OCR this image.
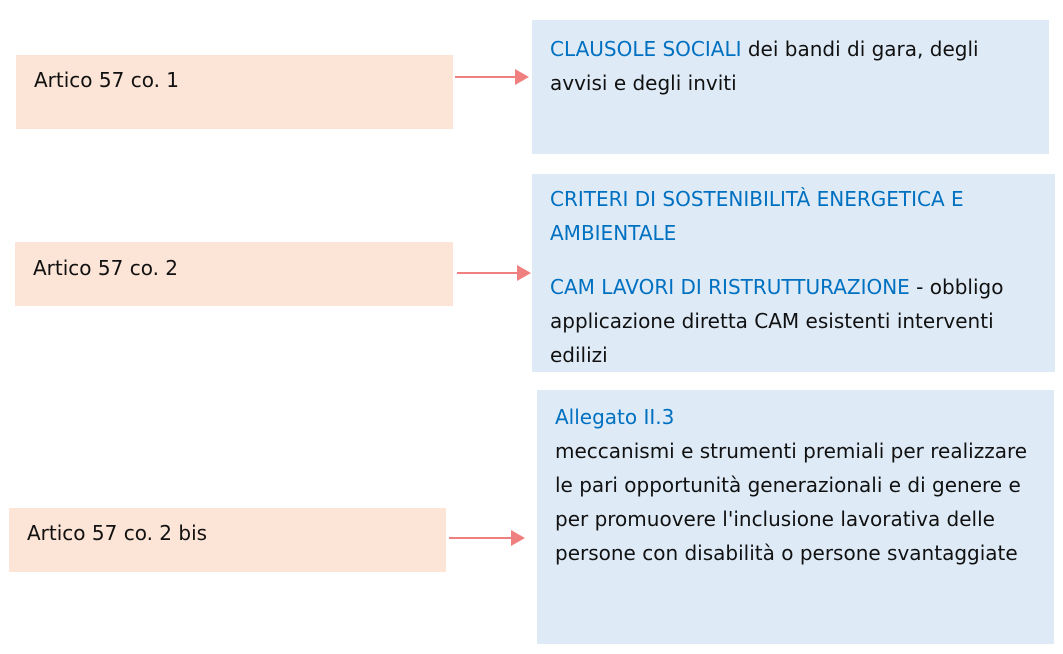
Artico 57 co. 1
CLAUSOLE SOCIALI dei bandi di gara, degli avvisi e degli inviti
Artico 57 co. 2

CRITERI DI SOSTENIBILITÀ ENERGETICA E AMBIENTALE

CAM LAVORI DI RISTRUTTURAZIONE - obbligo applicazione diretta CAM esistenti interventi edilizi

Artico 57 co. 2 bis

Allegato II.3

meccanismi e strumenti premiali per realizzare le pari opportunità generazionali e di genere e per promuovere l'inclusione lavorativa delle persone con disabilità o persone svantaggiate
